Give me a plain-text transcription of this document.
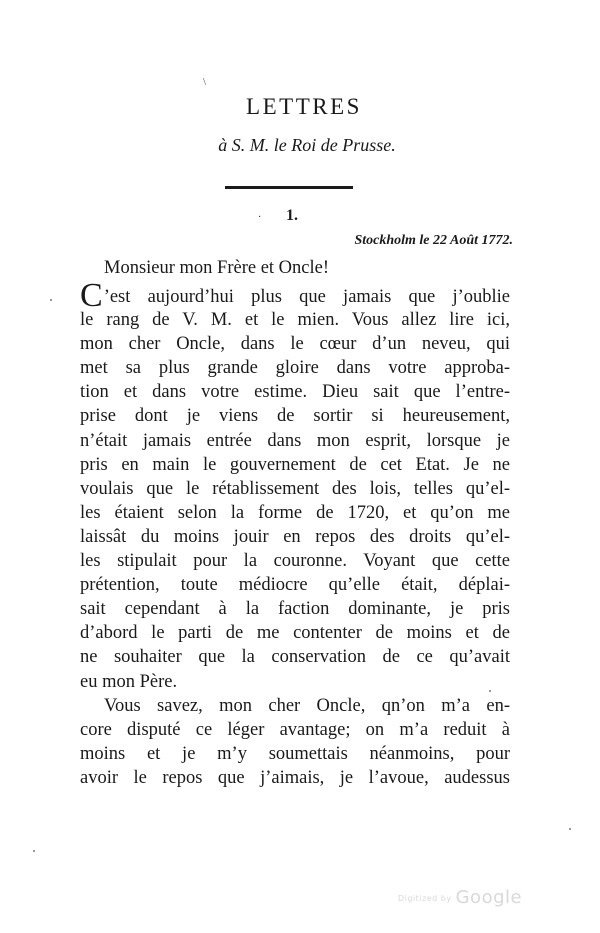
\
LETTRES
à S. M. le Roi de Prusse.
· 1.
Stockholm le 22 Août 1772.
Monsieur mon Frère et Oncle!
C’est aujourd’hui plus que jamais que j’oublie
le rang de V. M. et le mien. Vous allez lire ici,
mon cher Oncle, dans le cœur d’un neveu, qui
met sa plus grande gloire dans votre approba-
tion et dans votre estime. Dieu sait que l’entre-
prise dont je viens de sortir si heureusement,
n’était jamais entrée dans mon esprit, lorsque je
pris en main le gouvernement de cet Etat. Je ne
voulais que le rétablissement des lois, telles qu’el-
les étaient selon la forme de 1720, et qu’on me
laissât du moins jouir en repos des droits qu’el-
les stipulait pour la couronne. Voyant que cette
prétention, toute médiocre qu’elle était, déplai-
sait cependant à la faction dominante, je pris
d’abord le parti de me contenter de moins et de
ne souhaiter que la conservation de ce qu’avait
eu mon Père.
Vous savez, mon cher Oncle, qn’on m’a en-
core disputé ce léger avantage; on m’a reduit à
moins et je m’y soumettais néanmoins, pour
avoir le repos que j’aimais, je l’avoue, audessus
Digitized by Google
